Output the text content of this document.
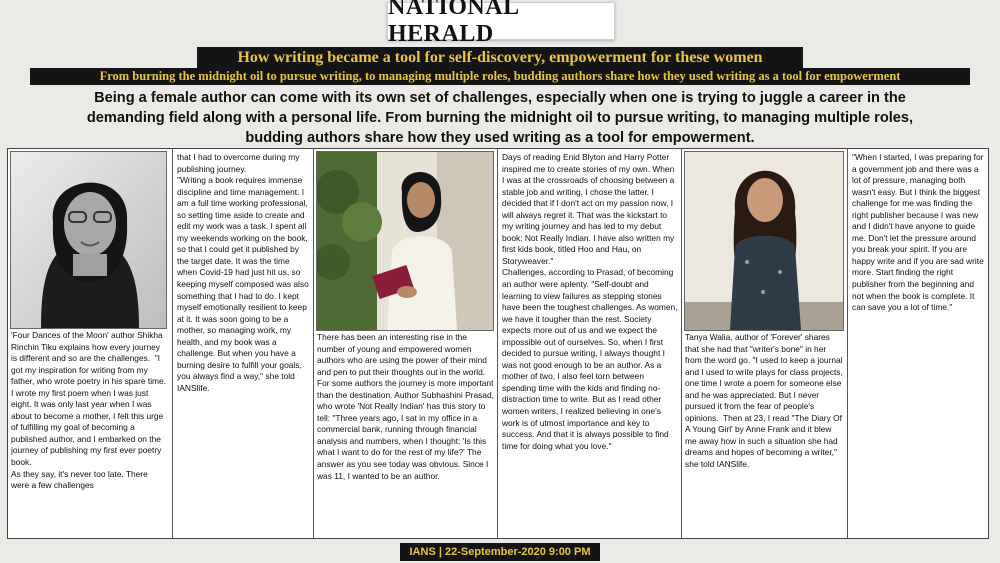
NATIONAL HERALD
How writing became a tool for self-discovery, empowerment for these women
From burning the midnight oil to pursue writing, to managing multiple roles, budding authors share how they used writing as a tool for empowerment
Being a female author can come with its own set of challenges, especially when one is trying to juggle a career in the demanding field along with a personal life. From burning the midnight oil to pursue writing, to managing multiple roles, budding authors share how they used writing as a tool for empowerment.

'Four Dances of the Moon' author Shikha Rinchin Tiku explains how every journey is different and so are the challenges.  "I got my inspiration for writing from my father, who wrote poetry in his spare time. I wrote my first poem when I was just eight. It was only last year when I was about to become a mother, I felt this urge of fulfilling my goal of becoming a published author, and I embarked on the journey of publishing my first ever poetry book.
As they say, it's never too late. There were a few challenges

that I had to overcome during my publishing journey.
"Writing a book requires immense discipline and time management. I am a full time working professional, so setting time aside to create and edit my work was a task. I spent all my weekends working on the book, so that I could get it published by the target date. It was the time when Covid-19 had just hit us, so keeping myself composed was also something that I had to do. I kept myself emotionally resilient to keep at it. It was soon going to be a mother, so managing work, my health, and my book was a challenge. But when you have a burning desire to fulfill your goals, you always find a way," she told IANSlife.

There has been an interesting rise in the number of young and empowered women authors who are using the power of their mind and pen to put their thoughts out in the world. For some authors the journey is more important than the destination. Author Subhashini Prasad, who wrote 'Not Really Indian' has this story to tell: "Three years ago, I sat in my office in a commercial bank, running through financial analysis and numbers, when I thought: 'Is this what I want to do for the rest of my life?' The answer as you see today was obvious. Since I was 11, I wanted to be an author.

Days of reading Enid Blyton and Harry Potter inspired me to create stories of my own. When I was at the crossroads of choosing between a stable job and writing, I chose the latter. I decided that if I don't act on my passion now, I will always regret it. That was the kickstart to my writing journey and has led to my debut book: Not Really Indian. I have also written my first kids book, titled Hoo and Hau, on Storyweaver."
Challenges, according to Prasad, of becoming an author were aplenty. "Self-doubt and learning to view failures as stepping stones have been the toughest challenges. As women, we have it tougher than the rest. Society expects more out of us and we expect the impossible out of ourselves. So, when I first decided to pursue writing, I always thought I was not good enough to be an author. As a mother of two, I also feel torn between spending time with the kids and finding no-distraction time to write. But as I read other women writers, I realized believing in one's work is of utmost importance and key to success. And that it is always possible to find time for doing what you love."

Tanya Walia, author of 'Forever' shares that she had that "writer's bone" in her from the word go. "I used to keep a journal and I used to write plays for class projects, one time I wrote a poem for someone else and he was appreciated. But I never pursued it from the fear of people's opinions.  Then at 23, I read "The Diary Of A Young Girl' by Anne Frank and it blew me away how in such a situation she had dreams and hopes of becoming a writer," she told IANSlife.

"When I started, I was preparing for a government job and there was a lot of pressure, managing both wasn't easy. But I think the biggest challenge for me was finding the right publisher because I was new and I didn't have anyone to guide me. Don't let the pressure around you break your spirit. If you are happy write and if you are sad write more. Start finding the right publisher from the beginning and not when the book is complete. It can save you a lot of time."

IANS | 22-September-2020 9:00 PM
